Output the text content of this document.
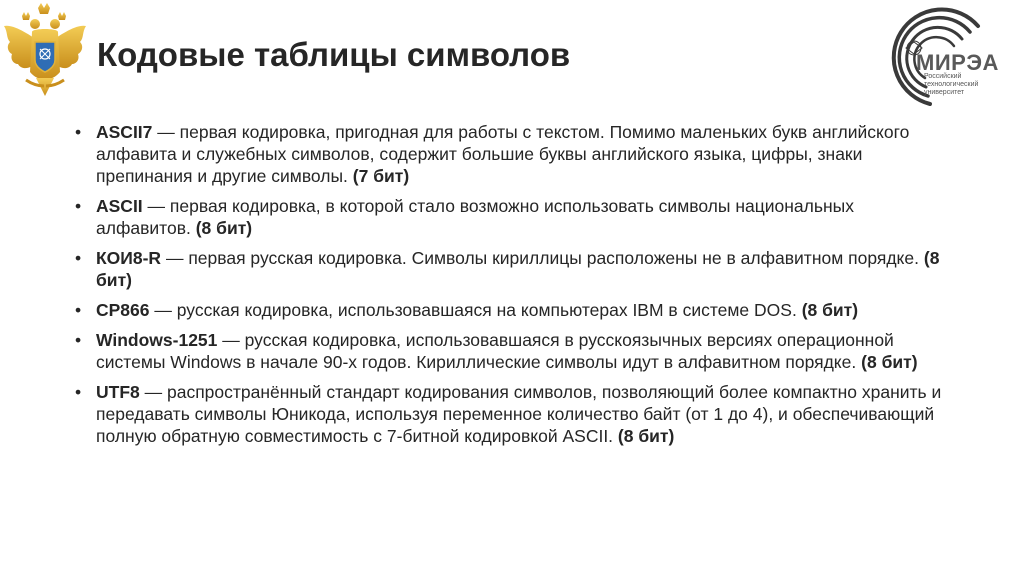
Кодовые таблицы символов	МИРЭА
Российский
технологический
университет
• ASCII7 — первая кодировка, пригодная для работы с текстом. Помимо маленьких букв английского алфавита и служебных символов, содержит большие буквы английского языка, цифры, знаки препинания и другие символы. (7 бит)
• ASCII — первая кодировка, в которой стало возможно использовать символы национальных алфавитов. (8 бит)
• КОИ8-R — первая русская кодировка. Символы кириллицы расположены не в алфавитном порядке. (8 бит)
• CP866 — русская кодировка, использовавшаяся на компьютерах IBM в системе DOS. (8 бит)
• Windows-1251 — русская кодировка, использовавшаяся в русскоязычных версиях операционной системы Windows в начале 90-х годов. Кириллические символы идут в алфавитном порядке. (8 бит)
• UTF8 — распространённый стандарт кодирования символов, позволяющий более компактно хранить и передавать символы Юникода, используя переменное количество байт (от 1 до 4), и обеспечивающий полную обратную совместимость с 7-битной кодировкой ASCII. (8 бит)
